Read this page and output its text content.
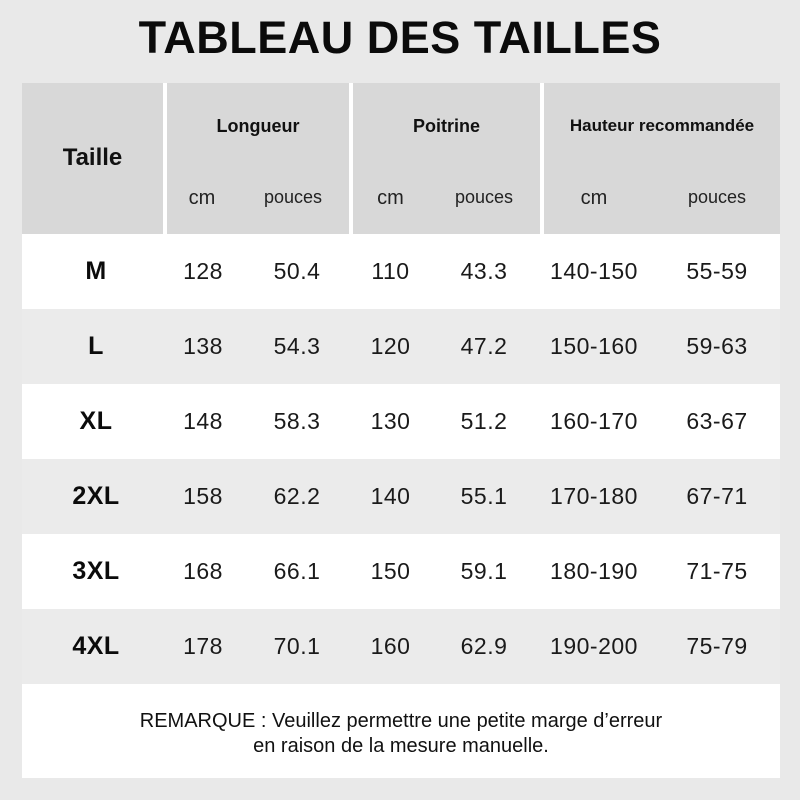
TABLEAU DES TAILLES
Taille
Longueur
cm	pouces
Poitrine
cm	pouces
Hauteur recommandée
cm	pouces
M	128	50.4	110	43.3	140-150	55-59
L	138	54.3	120	47.2	150-160	59-63
XL	148	58.3	130	51.2	160-170	63-67
2XL	158	62.2	140	55.1	170-180	67-71
3XL	168	66.1	150	59.1	180-190	71-75
4XL	178	70.1	160	62.9	190-200	75-79
REMARQUE : Veuillez permettre une petite marge d’erreur
en raison de la mesure manuelle.
